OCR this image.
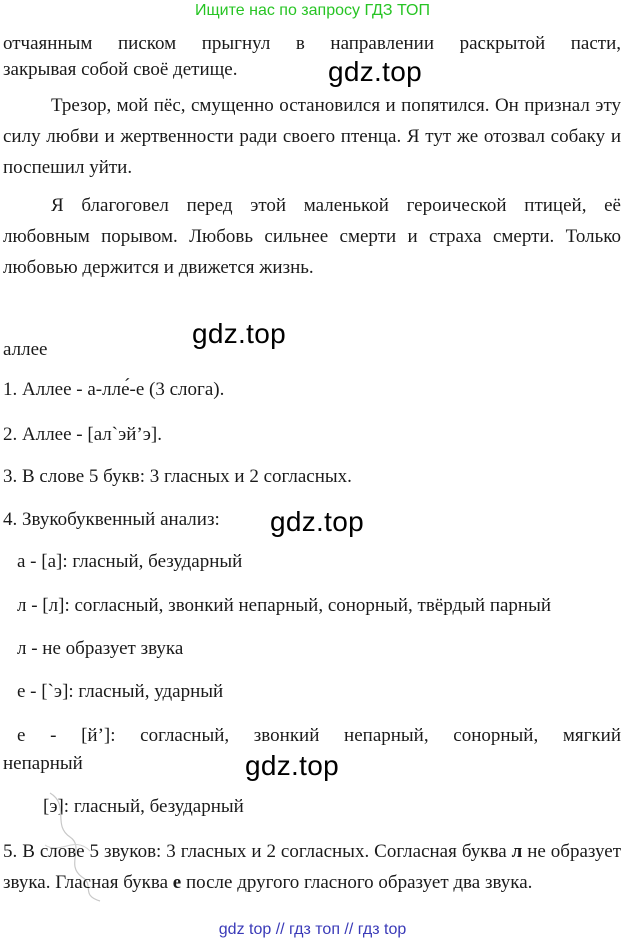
Ищите нас по запросу ГДЗ ТОП

отчаянным писком прыгнул в направлении раскрытой пасти,

закрывая собой своё детище.	gdz.top

Трезор, мой пёс, смущенно остановился и попятился. Он признал эту силу любви и жертвенности ради своего птенца. Я тут же отозвал собаку и поспешил уйти.

Я благоговел перед этой маленькой героической птицей, её любовным порывом. Любовь сильнее смерти и страха смерти. Только любовью держится и движется жизнь.

gdz.top

аллее

1. Аллее - а-лле́-е (3 слога).

2. Аллее - [ал`эй’э].

3. В слове 5 букв: 3 гласных и 2 согласных.

4. Звукобуквенный анализ: gdz.top

а - [а]: гласный, безударный

л - [л]: согласный, звонкий непарный, сонорный, твёрдый парный

л - не образует звука

е - [`э]: гласный, ударный

е - [й’]: согласный, звонкий непарный, сонорный, мягкий

непарный	gdz.top

[э]: гласный, безударный

5. В слове 5 звуков: 3 гласных и 2 согласных. Согласная буква л не образует звука. Гласная буква е после другого гласного образует два звука.

gdz top // гдз топ // гдз top
